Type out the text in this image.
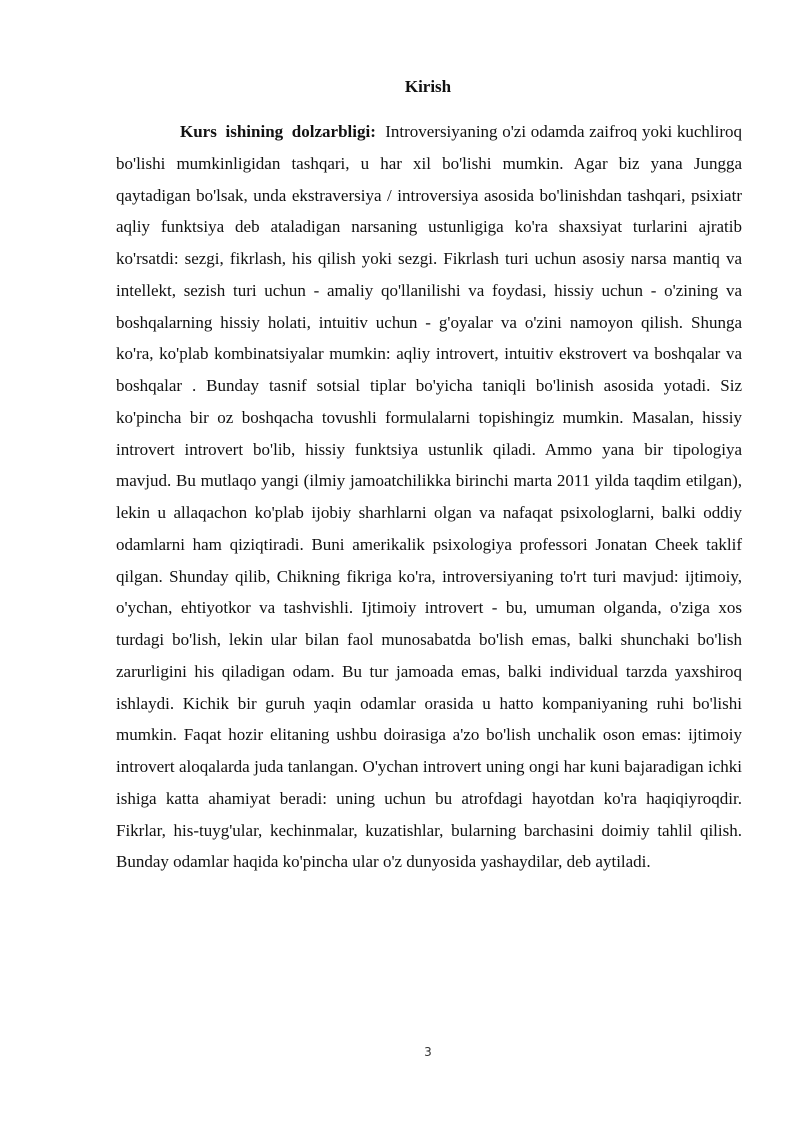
Kirish

Kurs ishining dolzarbligi: Introversiyaning o'zi odamda zaifroq yoki kuchliroq bo'lishi mumkinligidan tashqari, u har xil bo'lishi mumkin. Agar biz yana Jungga qaytadigan bo'lsak, unda ekstraversiya / introversiya asosida bo'linishdan tashqari, psixiatr aqliy funktsiya deb ataladigan narsaning ustunligiga ko'ra shaxsiyat turlarini ajratib ko'rsatdi: sezgi, fikrlash, his qilish yoki sezgi. Fikrlash turi uchun asosiy narsa mantiq va intellekt, sezish turi uchun - amaliy qo'llanilishi va foydasi, hissiy uchun - o'zining va boshqalarning hissiy holati, intuitiv uchun - g'oyalar va o'zini namoyon qilish. Shunga ko'ra, ko'plab kombinatsiyalar mumkin: aqliy introvert, intuitiv ekstrovert va boshqalar va boshqalar . Bunday tasnif sotsial tiplar bo'yicha taniqli bo'linish asosida yotadi. Siz ko'pincha bir oz boshqacha tovushli formulalarni topishingiz mumkin. Masalan, hissiy introvert introvert bo'lib, hissiy funktsiya ustunlik qiladi. Ammo yana bir tipologiya mavjud. Bu mutlaqo yangi (ilmiy jamoatchilikka birinchi marta 2011 yilda taqdim etilgan), lekin u allaqachon ko'plab ijobiy sharhlarni olgan va nafaqat psixologlarni, balki oddiy odamlarni ham qiziqtiradi. Buni amerikalik psixologiya professori Jonatan Cheek taklif qilgan. Shunday qilib, Chikning fikriga ko'ra, introversiyaning to'rt turi mavjud: ijtimoiy, o'ychan, ehtiyotkor va tashvishli. Ijtimoiy introvert - bu, umuman olganda, o'ziga xos turdagi bo'lish, lekin ular bilan faol munosabatda bo'lish emas, balki shunchaki bo'lish zarurligini his qiladigan odam. Bu tur jamoada emas, balki individual tarzda yaxshiroq ishlaydi. Kichik bir guruh yaqin odamlar orasida u hatto kompaniyaning ruhi bo'lishi mumkin. Faqat hozir elitaning ushbu doirasiga a'zo bo'lish unchalik oson emas: ijtimoiy introvert aloqalarda juda tanlangan. O'ychan introvert uning ongi har kuni bajaradigan ichki ishiga katta ahamiyat beradi: uning uchun bu atrofdagi hayotdan ko'ra haqiqiyroqdir. Fikrlar, his-tuyg'ular, kechinmalar, kuzatishlar, bularning barchasini doimiy tahlil qilish. Bunday odamlar haqida ko'pincha ular o'z dunyosida yashaydilar, deb aytiladi.

3
